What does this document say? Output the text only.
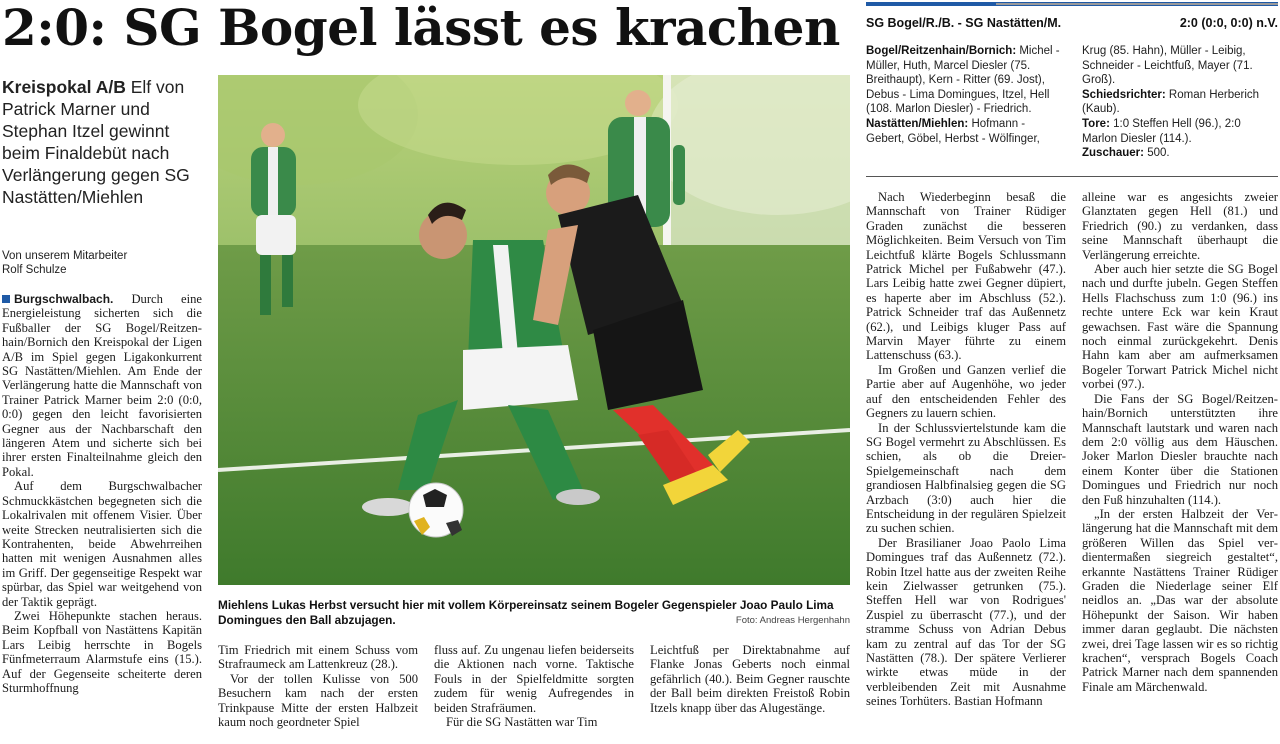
2:0: SG Bogel lässt es krachen
Kreispokal A/B Elf von Patrick Marner und Stephan Itzel gewinnt beim Finaldebüt nach Verlängerung gegen SG Nastätten/Miehlen
Von unserem Mitarbeiter
Rolf Schulze

Burgschwalbach. Durch eine Energieleistung sicherten sich die Fußballer der SG Bogel/Reitzenhain/Bornich den Kreispokal der Ligen A/B im Spiel gegen Ligakonkurrent SG Nastätten/Miehlen. Am Ende der Verlängerung hatte die Mannschaft von Trainer Patrick Marner beim 2:0 (0:0, 0:0) gegen den leicht favorisierten Gegner aus der Nachbarschaft den längeren Atem und sicherte sich bei ihrer ersten Finalteilnahme gleich den Pokal.

Auf dem Burgschwalbacher Schmuckkästchen begegneten sich die Lokalrivalen mit offenem Visier. Über weite Strecken neutralisierten sich die Kontrahenten, beide Abwehrreihen hatten mit wenigen Ausnahmen alles im Griff. Der gegenseitige Respekt war spürbar, das Spiel war weitgehend von der Taktik geprägt.

Zwei Höhepunkte stachen heraus. Beim Kopfball von Nastättens Kapitän Lars Leibig herrschte in Bogels Fünfmeterraum Alarmstufe eins (15.). Auf der Gegenseite scheiterte deren Sturmhoffnung

Miehlens Lukas Herbst versucht hier mit vollem Körpereinsatz seinem Bogeler Gegenspieler Joao Paulo Lima Domingues den Ball abzujagen.	Foto: Andreas Hergenhahn

Tim Friedrich mit einem Schuss vom Strafraumeck am Lattenkreuz (28.).

Vor der tollen Kulisse von 500 Besuchern kam nach der ersten Trinkpause Mitte der ersten Halbzeit kaum noch geordneter Spiel

fluss auf. Zu ungenau liefen beiderseits die Aktionen nach vorne. Taktische Fouls in der Spielfeldmitte sorgten zudem für wenig Aufregendes in beiden Strafräumen.

Für die SG Nastätten war Tim

Leichtfuß per Direktabnahme auf Flanke Jonas Geberts noch einmal gefährlich (40.). Beim Gegner rauschte der Ball beim direkten Freistoß Robin Itzels knapp über das Alugestänge.

SG Bogel/R./B. - SG Nastätten/M.	2:0 (0:0, 0:0) n.V.
Bogel/Reitzenhain/Bornich: Michel - Müller, Huth, Marcel Diesler (75. Breithaupt), Kern - Ritter (69. Jost), Debus - Lima Domingues, Itzel, Hell (108. Marlon Diesler) - Friedrich.
Nastätten/Miehlen: Hofmann - Gebert, Göbel, Herbst - Wölfinger,
Krug (85. Hahn), Müller - Leibig, Schneider - Leichtfuß, Mayer (71. Groß).
Schiedsrichter: Roman Herberich (Kaub).
Tore: 1:0 Steffen Hell (96.), 2:0 Marlon Diesler (114.).
Zuschauer: 500.

Nach Wiederbeginn besaß die Mannschaft von Trainer Rüdiger Graden zunächst die besseren Möglichkeiten. Beim Versuch von Tim Leichtfuß klärte Bogels Schlussmann Patrick Michel per Fußabwehr (47.). Lars Leibig hatte zwei Gegner düpiert, es haperte aber im Abschluss (52.). Patrick Schneider traf das Außennetz (62.), und Leibigs kluger Pass auf Marvin Mayer führte zu einem Lattenschuss (63.).

Im Großen und Ganzen verlief die Partie aber auf Augenhöhe, wo jeder auf den entscheidenden Fehler des Gegners zu lauern schien.

In der Schlussviertelstunde kam die SG Bogel vermehrt zu Abschlüssen. Es schien, als ob die Dreier-Spielgemeinschaft nach dem grandiosen Halbfinalsieg gegen die SG Arzbach (3:0) auch hier die Entscheidung in der regulären Spielzeit zu suchen schien.

Der Brasilianer Joao Paolo Lima Domingues traf das Außennetz (72.). Robin Itzel hatte aus der zweiten Reihe kein Zielwasser getrunken (75.). Steffen Hell war von Rodrigues' Zuspiel zu überrascht (77.), und der stramme Schuss von Adrian Debus kam zu zentral auf das Tor der SG Nastätten (78.). Der spätere Verlierer wirkte etwas müde in der verbleibenden Zeit mit Ausnahme seines Torhüters. Bastian Hofmann

alleine war es angesichts zweier Glanztaten gegen Hell (81.) und Friedrich (90.) zu verdanken, dass seine Mannschaft überhaupt die Verlängerung erreichte.

Aber auch hier setzte die SG Bogel nach und durfte jubeln. Gegen Steffen Hells Flachschuss zum 1:0 (96.) ins rechte untere Eck war kein Kraut gewachsen. Fast wäre die Spannung noch einmal zurückgekehrt. Denis Hahn kam aber am aufmerksamen Bogeler Torwart Patrick Michel nicht vorbei (97.).

Die Fans der SG Bogel/Reitzenhain/Bornich unterstützten ihre Mannschaft lautstark und waren nach dem 2:0 völlig aus dem Häuschen. Joker Marlon Diesler brauchte nach einem Konter über die Stationen Domingues und Friedrich nur noch den Fuß hinzuhalten (114.).

„In der ersten Halbzeit der Verlängerung hat die Mannschaft mit dem größeren Willen das Spiel verdientermaßen siegreich gestaltet“, erkannte Nastättens Trainer Rüdiger Graden die Niederlage seiner Elf neidlos an. „Das war der absolute Höhepunkt der Saison. Wir haben immer daran geglaubt. Die nächsten zwei, drei Tage lassen wir es so richtig krachen“, versprach Bogels Coach Patrick Marner nach dem spannenden Finale am Märchenwald.
